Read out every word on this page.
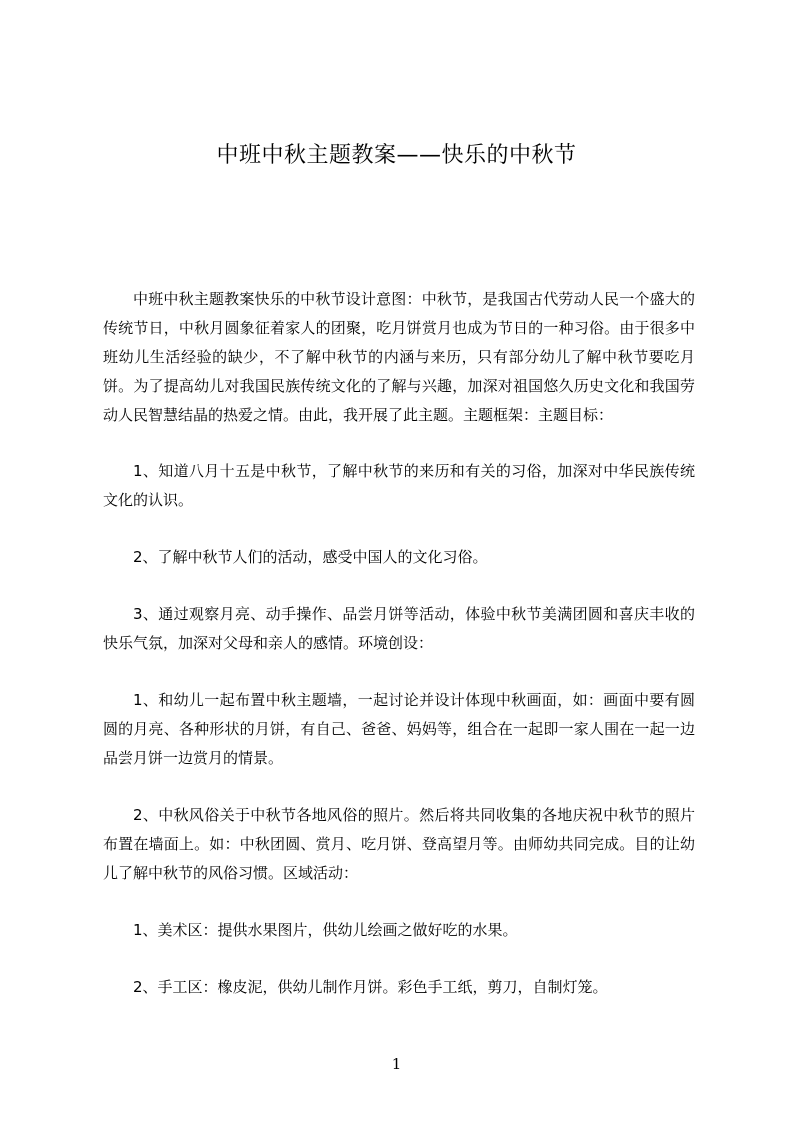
中班中秋主题教案——快乐的中秋节

中班中秋主题教案快乐的中秋节设计意图：中秋节，是我国古代劳动人民一个盛大的传统节日，中秋月圆象征着家人的团聚，吃月饼赏月也成为节日的一种习俗。由于很多中班幼儿生活经验的缺少，不了解中秋节的内涵与来历，只有部分幼儿了解中秋节要吃月饼。为了提高幼儿对我国民族传统文化的了解与兴趣，加深对祖国悠久历史文化和我国劳动人民智慧结晶的热爱之情。由此，我开展了此主题。主题框架：主题目标：

1、知道八月十五是中秋节，了解中秋节的来历和有关的习俗，加深对中华民族传统文化的认识。

2、了解中秋节人们的活动，感受中国人的文化习俗。

3、通过观察月亮、动手操作、品尝月饼等活动，体验中秋节美满团圆和喜庆丰收的快乐气氛，加深对父母和亲人的感情。环境创设：

1、和幼儿一起布置中秋主题墙，一起讨论并设计体现中秋画面，如：画面中要有圆圆的月亮、各种形状的月饼，有自己、爸爸、妈妈等，组合在一起即一家人围在一起一边品尝月饼一边赏月的情景。

2、中秋风俗关于中秋节各地风俗的照片。然后将共同收集的各地庆祝中秋节的照片布置在墙面上。如：中秋团圆、赏月、吃月饼、登高望月等。由师幼共同完成。目的让幼儿了解中秋节的风俗习惯。区域活动：

1、美术区：提供水果图片，供幼儿绘画之做好吃的水果。

2、手工区：橡皮泥，供幼儿制作月饼。彩色手工纸，剪刀，自制灯笼。

1
